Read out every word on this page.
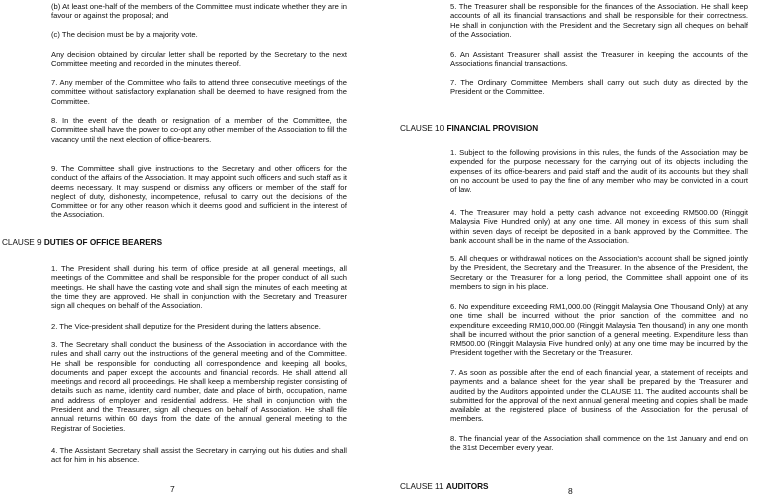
(b) At least one-half of the members of the Committee must indicate whether they are in favour or against the proposal; and

(c) The decision must be by a majority vote.

Any decision obtained by circular letter shall be reported by the Secretary to the next Committee meeting and recorded in the minutes thereof.

7. Any member of the Committee who fails to attend three consecutive meetings of the committee without satisfactory explanation shall be deemed to have resigned from the Committee.

8. In the event of the death or resignation of a member of the Committee, the Committee shall have the power to co-opt any other member of the Association to fill the vacancy until the next election of office-bearers.

9. The Committee shall give instructions to the Secretary and other officers for the conduct of the affairs of the Association. It may appoint such officers and such staff as it deems necessary. It may suspend or dismiss any officers or member of the staff for neglect of duty, dishonesty, incompetence, refusal to carry out the decisions of the Committee or for any other reason which it deems good and sufficient in the interest of the Association.

CLAUSE 9 DUTIES OF OFFICE BEARERS

1. The President shall during his term of office preside at all general meetings, all meetings of the Committee and shall be responsible for the proper conduct of all such meetings. He shall have the casting vote and shall sign the minutes of each meeting at the time they are approved. He shall in conjunction with the Secretary and Treasurer sign all cheques on behalf of the Association.

2. The Vice-president shall deputize for the President during the latters absence.

3. The Secretary shall conduct the business of the Association in accordance with the rules and shall carry out the instructions of the general meeting and of the Committee. He shall be responsible for conducting all correspondence and keeping all books, documents and paper except the accounts and financial records. He shall attend all meetings and record all proceedings. He shall keep a membership register consisting of details such as name, identity card number, date and place of birth, occupation, name and address of employer and residential address. He shall in conjunction with the President and the Treasurer, sign all cheques on behalf of Association. He shall file annual returns within 60 days from the date of the annual general meeting to the Registrar of Societies.

4. The Assistant Secretary shall assist the Secretary in carrying out his duties and shall act for him in his absence.

7

5. The Treasurer shall be responsible for the finances of the Association. He shall keep accounts of all its financial transactions and shall be responsible for their correctness. He shall in conjunction with the President and the Secretary sign all cheques on behalf of the Association.

6. An Assistant Treasurer shall assist the Treasurer in keeping the accounts of the Associations financial transactions.

7. The Ordinary Committee Members shall carry out such duty as directed by the President or the Committee.

CLAUSE 10 FINANCIAL PROVISION

1. Subject to the following provisions in this rules, the funds of the Association may be expended for the purpose necessary for the carrying out of its objects including the expenses of its office-bearers and paid staff and the audit of its accounts but they shall on no account be used to pay the fine of any member who may be convicted in a court of law.

4. The Treasurer may hold a petty cash advance not exceeding RM500.00 (Ringgit Malaysia Five Hundred only) at any one time. All money in excess of this sum shall within seven days of receipt be deposited in a bank approved by the Committee. The bank account shall be in the name of the Association.

5. All cheques or withdrawal notices on the Association's account shall be signed jointly by the President, the Secretary and the Treasurer. In the absence of the President, the Secretary or the Treasurer for a long period, the Committee shall appoint one of its members to sign in his place.

6. No expenditure exceeding RM1,000.00 (Ringgit Malaysia One Thousand Only) at any one time shall be incurred without the prior sanction of the committee and no expenditure exceeding RM10,000.00 (Ringgit Malaysia Ten thousand) in any one month shall be incurred without the prior sanction of a general meeting. Expenditure less than RM500.00 (Ringgit Malaysia Five hundred only) at any one time may be incurred by the President together with the Secretary or the Treasurer.

7. As soon as possible after the end of each financial year, a statement of receipts and payments and a balance sheet for the year shall be prepared by the Treasurer and audited by the Auditors appointed under the CLAUSE 11. The audited accounts shall be submitted for the approval of the next annual general meeting and copies shall be made available at the registered place of business of the Association for the perusal of members.

8. The financial year of the Association shall commence on the 1st January and end on the 31st December every year.

CLAUSE 11 AUDITORS	8
